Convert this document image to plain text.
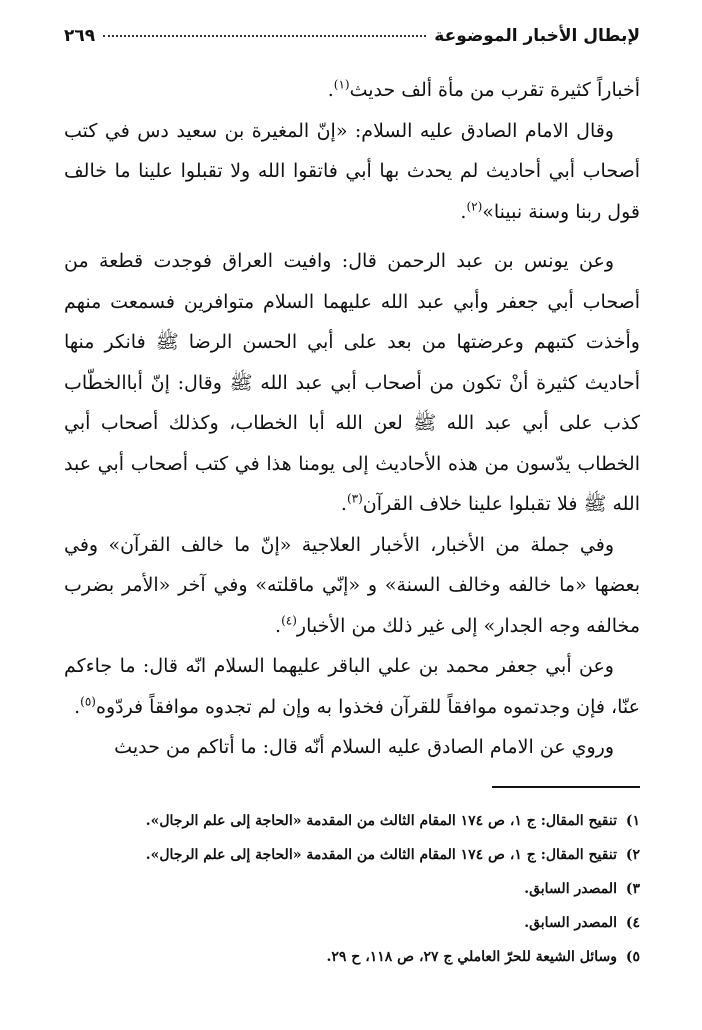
لإبطال الأخبار الموضوعة
٢٦٩

أخباراً كثيرة تقرب من مأة ألف حديث$^{(١)}$.

وقال الامام الصادق عليه السلام: «إنّ المغيرة بن سعيد دس في كتب أصحاب أبي أحاديث لم يحدث بها أبي فاتقوا الله ولا تقبلوا علينا ما خالف قول ربنا وسنة نبينا»$^{(٢)}$.

وعن يونس بن عبد الرحمن قال: وافيت العراق فوجدت قطعة من أصحاب أبي جعفر وأبي عبد الله عليهما السلام متوافرين فسمعت منهم وأخذت كتبهم وعرضتها من بعد على أبي الحسن الرضا ﷺ فانكر منها أحاديث كثيرة أنْ تكون من أصحاب أبي عبد الله ﷺ وقال: إنّ أباالخطّاب كذب على أبي عبد الله ﷺ لعن الله أبا الخطاب، وكذلك أصحاب أبي الخطاب يدّسون من هذه الأحاديث إلى يومنا هذا في كتب أصحاب أبي عبد الله ﷺ فلا تقبلوا علينا خلاف القرآن$^{(٣)}$.

وفي جملة من الأخبار، الأخبار العلاجية «إنّ ما خالف القرآن» وفي بعضها «ما خالفه وخالف السنة» و «إنّي ماقلته» وفي آخر «الأمر بضرب مخالفه وجه الجدار» إلى غير ذلك من الأخبار$^{(٤)}$.

وعن أبي جعفر محمد بن علي الباقر عليهما السلام انّه قال: ما جاءكم عنّا، فإن وجدتموه موافقاً للقرآن فخذوا به وإن لم تجدوه موافقاً فردّوه$^{(٥)}$.

وروي عن الامام الصادق عليه السلام أنّه قال: ما أتاكم من حديث

١) تنقيح المقال: ج ١، ص ١٧٤ المقام الثالث من المقدمة «الحاجة إلى علم الرجال».
٢) تنقيح المقال: ج ١، ص ١٧٤ المقام الثالث من المقدمة «الحاجة إلى علم الرجال».
٣) المصدر السابق.
٤) المصدر السابق.
٥) وسائل الشيعة للحرّ العاملي ج ٢٧، ص ١١٨، ح ٢٩.
